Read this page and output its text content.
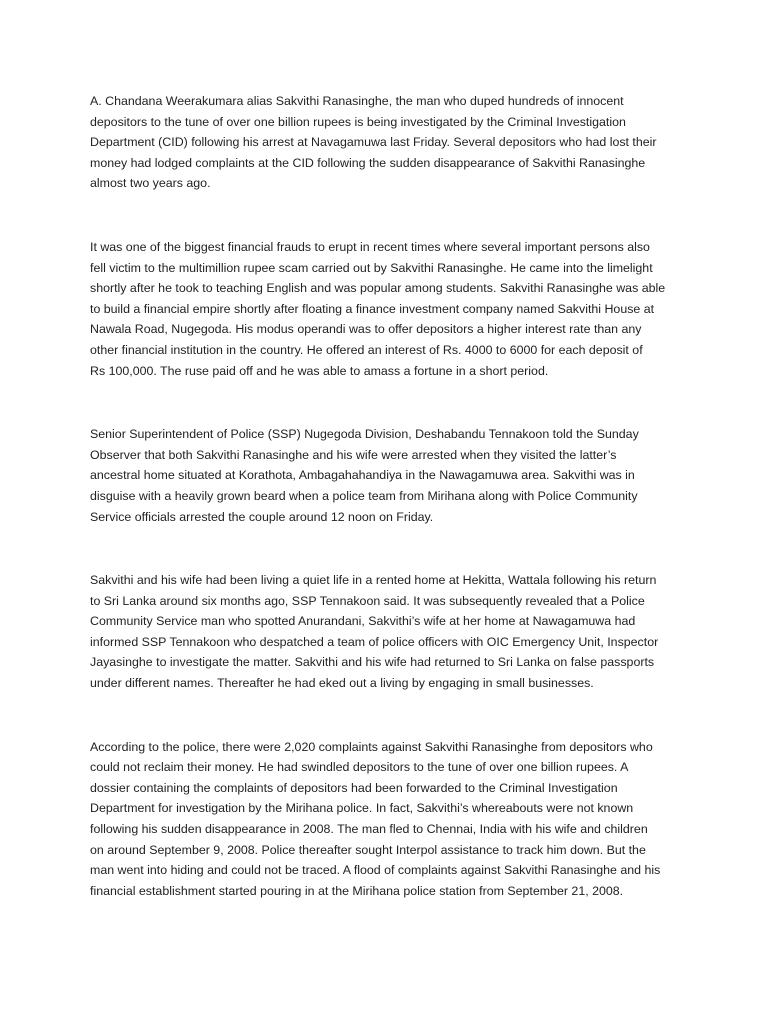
A. Chandana Weerakumara alias Sakvithi Ranasinghe, the man who duped hundreds of innocent
depositors to the tune of over one billion rupees is being investigated by the Criminal Investigation
Department (CID) following his arrest at Navagamuwa last Friday. Several depositors who had lost their
money had lodged complaints at the CID following the sudden disappearance of Sakvithi Ranasinghe
almost two years ago.
It was one of the biggest financial frauds to erupt in recent times where several important persons also
fell victim to the multimillion rupee scam carried out by Sakvithi Ranasinghe. He came into the limelight
shortly after he took to teaching English and was popular among students. Sakvithi Ranasinghe was able
to build a financial empire shortly after floating a finance investment company named Sakvithi House at
Nawala Road, Nugegoda. His modus operandi was to offer depositors a higher interest rate than any
other financial institution in the country. He offered an interest of Rs. 4000 to 6000 for each deposit of
Rs 100,000. The ruse paid off and he was able to amass a fortune in a short period.
Senior Superintendent of Police (SSP) Nugegoda Division, Deshabandu Tennakoon told the Sunday
Observer that both Sakvithi Ranasinghe and his wife were arrested when they visited the latter’s
ancestral home situated at Korathota, Ambagahahandiya in the Nawagamuwa area. Sakvithi was in
disguise with a heavily grown beard when a police team from Mirihana along with Police Community
Service officials arrested the couple around 12 noon on Friday.
Sakvithi and his wife had been living a quiet life in a rented home at Hekitta, Wattala following his return
to Sri Lanka around six months ago, SSP Tennakoon said. It was subsequently revealed that a Police
Community Service man who spotted Anurandani, Sakvithi’s wife at her home at Nawagamuwa had
informed SSP Tennakoon who despatched a team of police officers with OIC Emergency Unit, Inspector
Jayasinghe to investigate the matter. Sakvithi and his wife had returned to Sri Lanka on false passports
under different names. Thereafter he had eked out a living by engaging in small businesses.
According to the police, there were 2,020 complaints against Sakvithi Ranasinghe from depositors who
could not reclaim their money. He had swindled depositors to the tune of over one billion rupees. A
dossier containing the complaints of depositors had been forwarded to the Criminal Investigation
Department for investigation by the Mirihana police. In fact, Sakvithi’s whereabouts were not known
following his sudden disappearance in 2008. The man fled to Chennai, India with his wife and children
on around September 9, 2008. Police thereafter sought Interpol assistance to track him down. But the
man went into hiding and could not be traced. A flood of complaints against Sakvithi Ranasinghe and his
financial establishment started pouring in at the Mirihana police station from September 21, 2008.
